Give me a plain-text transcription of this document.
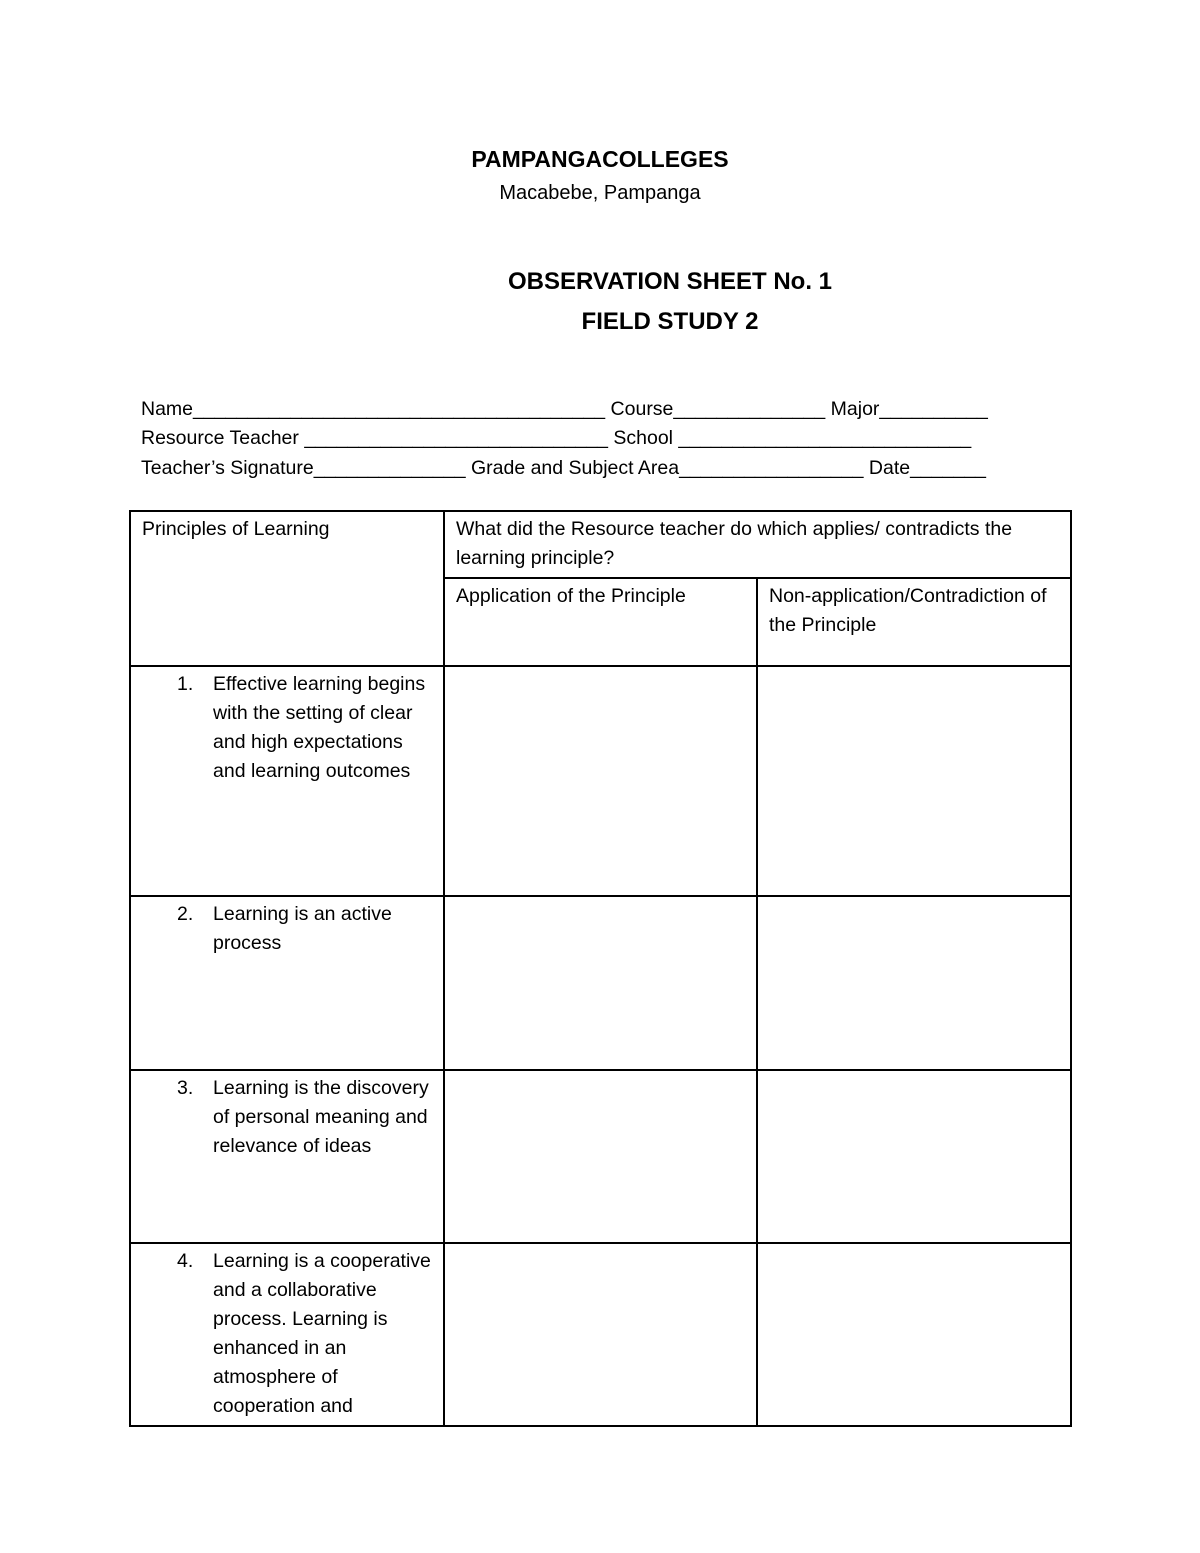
PAMPANGACOLLEGES
Macabebe, Pampanga
OBSERVATION SHEET No. 1
FIELD STUDY 2
Name______________________________________ Course______________ Major__________
Resource Teacher ____________________________ School ___________________________
Teacher’s Signature______________ Grade and Subject Area_________________ Date_______
Principles of Learning	What did the Resource teacher do which applies/ contradicts the learning principle?	
	Application of the Principle	Non-application/Contradiction of the Principle

1. Effective learning begins with the setting of clear and high expectations and learning outcomes		

2. Learning is an active process		

3. Learning is the discovery of personal meaning and relevance of ideas		

4. Learning is a cooperative and a collaborative process. Learning is enhanced in an atmosphere of cooperation and		
